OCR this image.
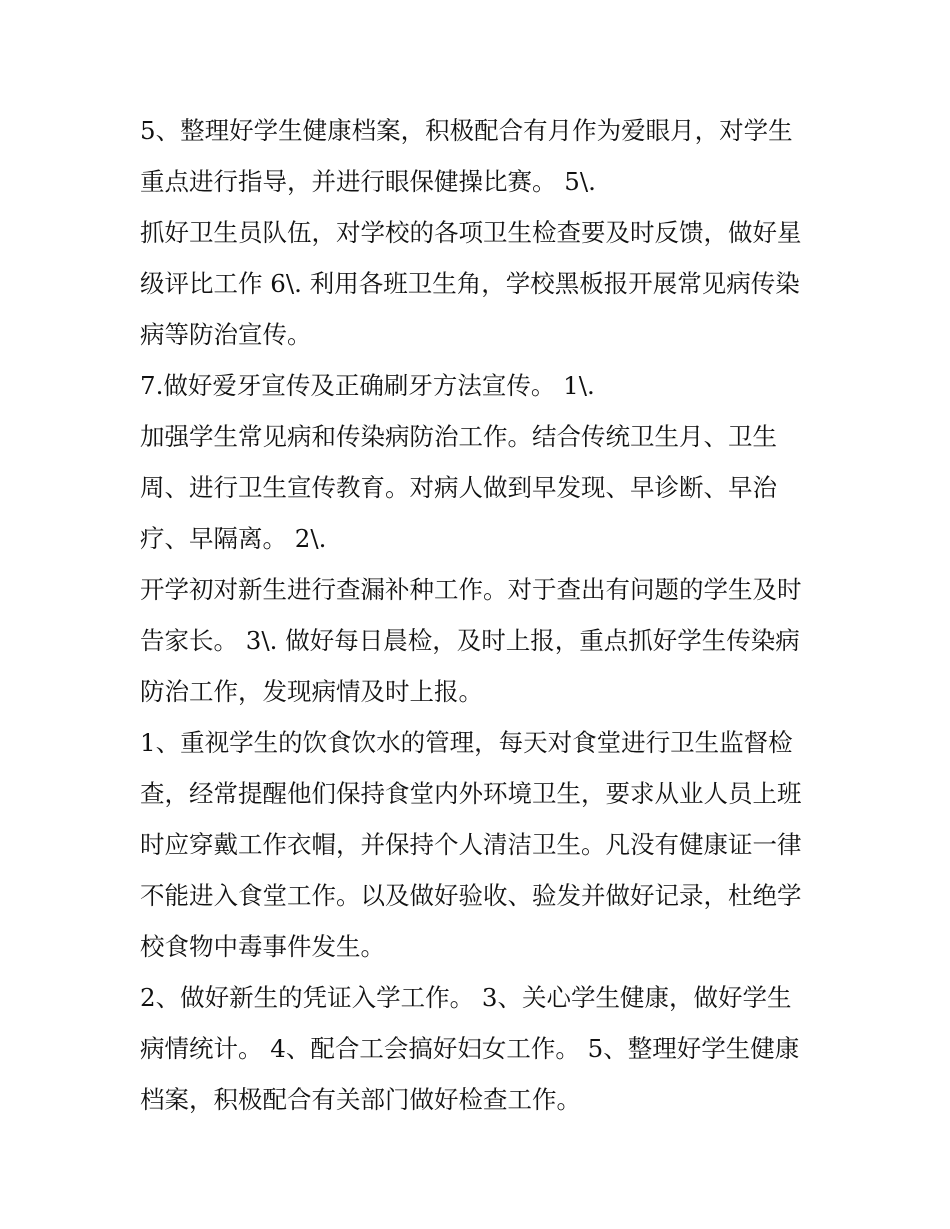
5、整理好学生健康档案，积极配合有月作为爱眼月，对学生
重点进行指导，并进行眼保健操比赛。 5\.
抓好卫生员队伍，对学校的各项卫生检查要及时反馈，做好星
级评比工作 6\. 利用各班卫生角，学校黑板报开展常见病传染
病等防治宣传。
7.做好爱牙宣传及正确刷牙方法宣传。 1\.
加强学生常见病和传染病防治工作。结合传统卫生月、卫生
周、进行卫生宣传教育。对病人做到早发现、早诊断、早治
疗、早隔离。 2\.
开学初对新生进行查漏补种工作。对于查出有问题的学生及时
告家长。 3\. 做好每日晨检，及时上报，重点抓好学生传染病
防治工作，发现病情及时上报。
1、重视学生的饮食饮水的管理，每天对食堂进行卫生监督检
查，经常提醒他们保持食堂内外环境卫生，要求从业人员上班
时应穿戴工作衣帽，并保持个人清洁卫生。凡没有健康证一律
不能进入食堂工作。以及做好验收、验发并做好记录，杜绝学
校食物中毒事件发生。
2、做好新生的凭证入学工作。 3、关心学生健康，做好学生
病情统计。 4、配合工会搞好妇女工作。 5、整理好学生健康
档案，积极配合有关部门做好检查工作。
